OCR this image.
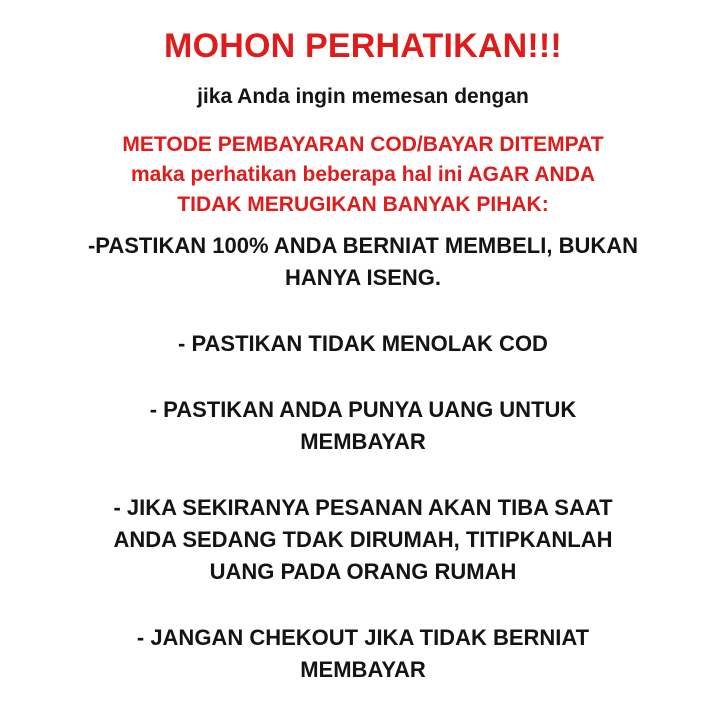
MOHON PERHATIKAN!!!
jika Anda ingin memesan dengan
METODE PEMBAYARAN COD/BAYAR DITEMPAT
maka perhatikan beberapa hal ini AGAR ANDA
TIDAK MERUGIKAN BANYAK PIHAK:
-PASTIKAN 100% ANDA BERNIAT MEMBELI, BUKAN
HANYA ISENG.
- PASTIKAN TIDAK MENOLAK COD
- PASTIKAN ANDA PUNYA UANG UNTUK
MEMBAYAR
- JIKA SEKIRANYA PESANAN AKAN TIBA SAAT
ANDA SEDANG TDAK DIRUMAH, TITIPKANLAH
UANG PADA ORANG RUMAH
- JANGAN CHEKOUT JIKA TIDAK BERNIAT
MEMBAYAR
